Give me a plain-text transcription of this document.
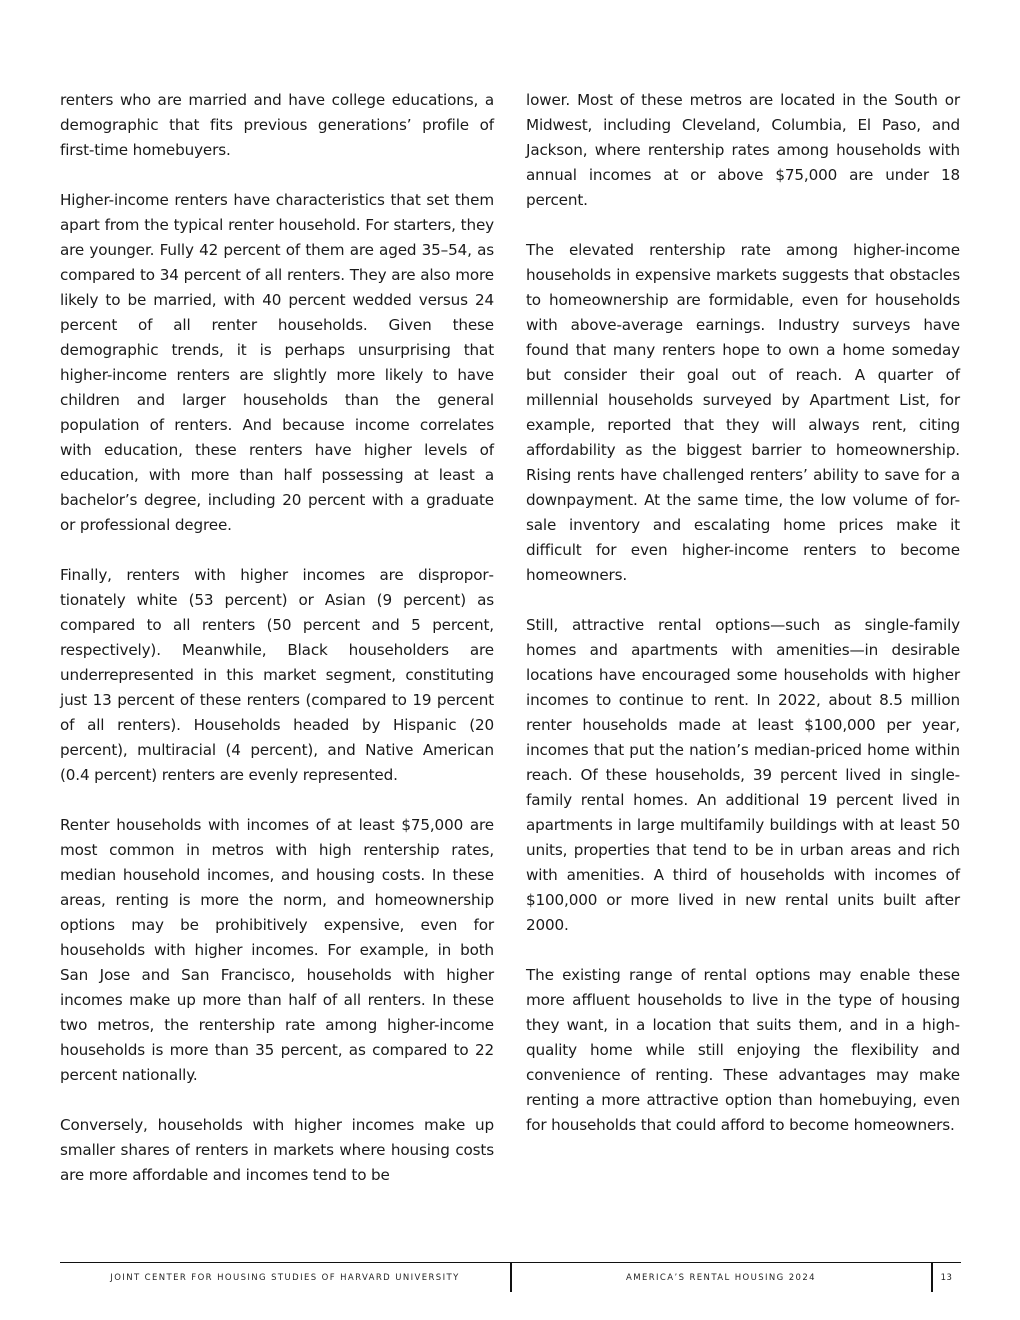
renters who are married and have college educations, a demographic that fits previous generations’ profile of first-time homebuyers.

Higher-income renters have characteristics that set them apart from the typical renter household. For starters, they are younger. Fully 42 percent of them are aged 35–54, as compared to 34 percent of all renters. They are also more likely to be married, with 40 percent wedded versus 24 percent of all renter households. Given these demographic trends, it is perhaps unsurprising that higher-income renters are slightly more likely to have children and larger households than the general population of renters. And because income correlates with education, these renters have higher levels of education, with more than half possessing at least a bachelor’s degree, including 20 percent with a graduate or professional degree.

Finally, renters with higher incomes are disproportionately white (53 percent) or Asian (9 percent) as compared to all renters (50 percent and 5 percent, respectively). Meanwhile, Black householders are underrepresented in this market segment, constituting just 13 percent of these renters (compared to 19 percent of all renters). Households headed by Hispanic (20 percent), multiracial (4 percent), and Native American (0.4 percent) renters are evenly represented.

Renter households with incomes of at least $75,000 are most common in metros with high rentership rates, median household incomes, and housing costs. In these areas, renting is more the norm, and homeownership options may be prohibitively expensive, even for households with higher incomes. For example, in both San Jose and San Francisco, households with higher incomes make up more than half of all renters. In these two metros, the rentership rate among higher-income households is more than 35 percent, as compared to 22 percent nationally.

Conversely, households with higher incomes make up smaller shares of renters in markets where housing costs are more affordable and incomes tend to be

lower. Most of these metros are located in the South or Midwest, including Cleveland, Columbia, El Paso, and Jackson, where rentership rates among households with annual incomes at or above $75,000 are under 18 percent.

The elevated rentership rate among higher-income households in expensive markets suggests that obstacles to homeownership are formidable, even for households with above-average earnings. Industry surveys have found that many renters hope to own a home someday but consider their goal out of reach. A quarter of millennial households surveyed by Apartment List, for example, reported that they will always rent, citing affordability as the biggest barrier to homeownership. Rising rents have challenged renters’ ability to save for a downpayment. At the same time, the low volume of for-sale inventory and escalating home prices make it difficult for even higher-income renters to become homeowners.

Still, attractive rental options—such as single-family homes and apartments with amenities—in desirable locations have encouraged some households with higher incomes to continue to rent. In 2022, about 8.5 million renter households made at least $100,000 per year, incomes that put the nation’s median-priced home within reach. Of these households, 39 percent lived in single-family rental homes. An additional 19 percent lived in apartments in large multifamily buildings with at least 50 units, properties that tend to be in urban areas and rich with amenities. A third of households with incomes of $100,000 or more lived in new rental units built after 2000.

The existing range of rental options may enable these more affluent households to live in the type of housing they want, in a location that suits them, and in a high-quality home while still enjoying the flexibility and convenience of renting. These advantages may make renting a more attractive option than homebuying, even for households that could afford to become homeowners.

JOINT CENTER FOR HOUSING STUDIES OF HARVARD UNIVERSITY	AMERICA’S RENTAL HOUSING 2024	13
